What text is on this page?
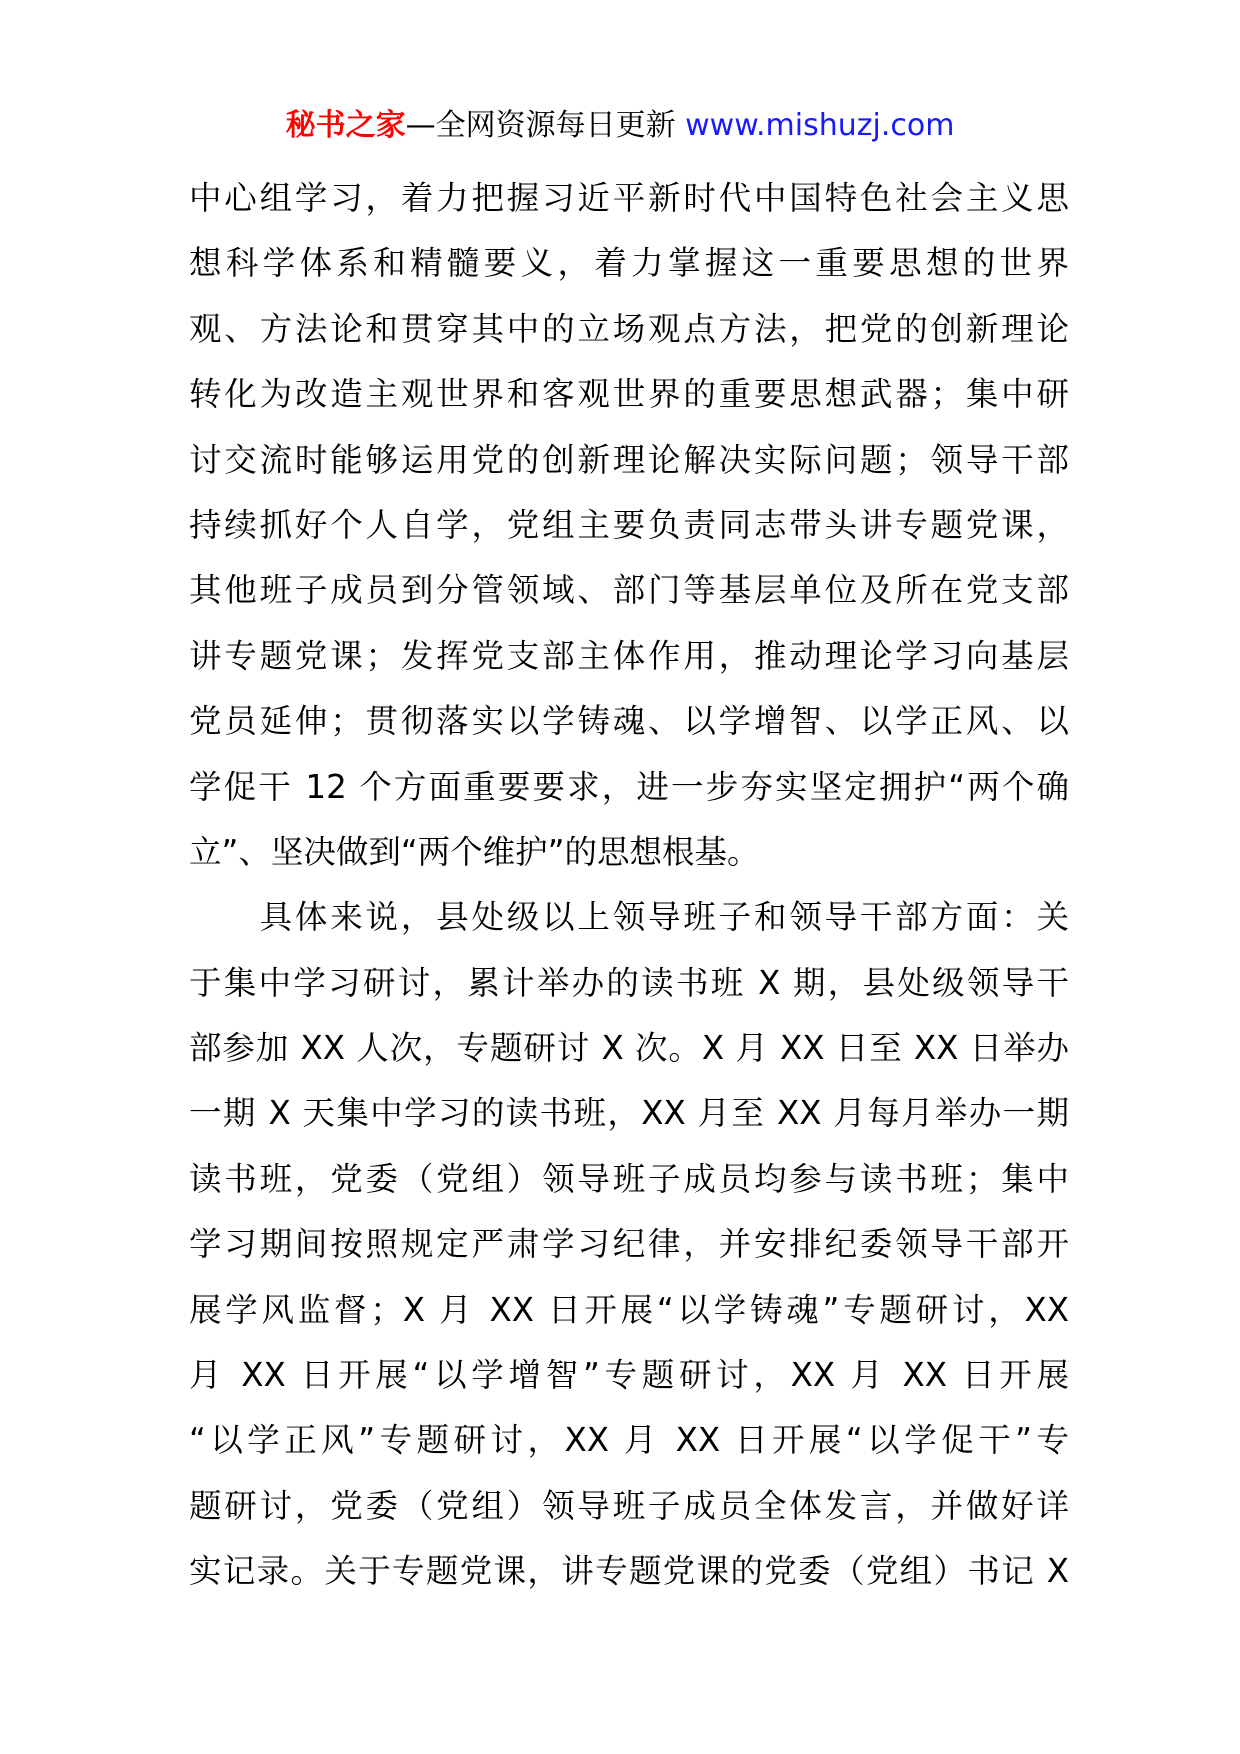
秘书之家—全网资源每日更新 www.mishuzj.com
中心组学习，着力把握习近平新时代中国特色社会主义思
想科学体系和精髓要义，着力掌握这一重要思想的世界
观、方法论和贯穿其中的立场观点方法，把党的创新理论
转化为改造主观世界和客观世界的重要思想武器；集中研
讨交流时能够运用党的创新理论解决实际问题；领导干部
持续抓好个人自学，党组主要负责同志带头讲专题党课，
其他班子成员到分管领域、部门等基层单位及所在党支部
讲专题党课；发挥党支部主体作用，推动理论学习向基层
党员延伸；贯彻落实以学铸魂、以学增智、以学正风、以
学促干 12 个方面重要要求，进一步夯实坚定拥护“两个确
立”、坚决做到“两个维护”的思想根基。
　　具体来说，县处级以上领导班子和领导干部方面：关
于集中学习研讨，累计举办的读书班 X 期，县处级领导干
部参加 XX 人次，专题研讨 X 次。X 月 XX 日至 XX 日举办
一期 X 天集中学习的读书班，XX 月至 XX 月每月举办一期
读书班，党委（党组）领导班子成员均参与读书班；集中
学习期间按照规定严肃学习纪律，并安排纪委领导干部开
展学风监督；X 月 XX 日开展“以学铸魂”专题研讨，XX
月 XX 日开展“以学增智”专题研讨，XX 月 XX 日开展
“以学正风”专题研讨，XX 月 XX 日开展“以学促干”专
题研讨，党委（党组）领导班子成员全体发言，并做好详
实记录。关于专题党课，讲专题党课的党委（党组）书记 X
